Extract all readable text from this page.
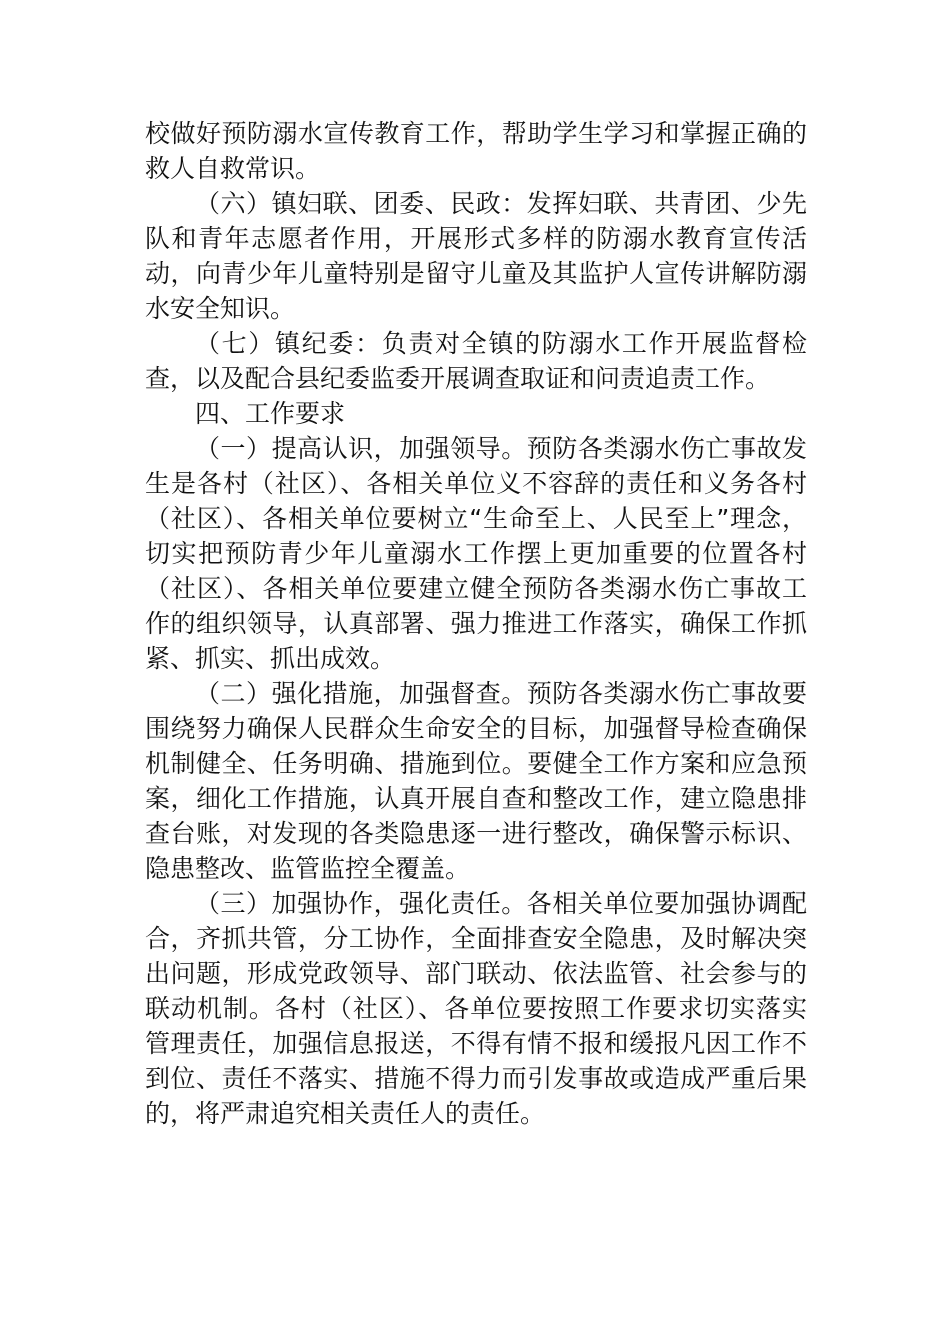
校做好预防溺水宣传教育工作，帮助学生学习和掌握正确的救人自救常识。

（六）镇妇联、团委、民政：发挥妇联、共青团、少先队和青年志愿者作用，开展形式多样的防溺水教育宣传活动，向青少年儿童特别是留守儿童及其监护人宣传讲解防溺水安全知识。

（七）镇纪委：负责对全镇的防溺水工作开展监督检查，以及配合县纪委监委开展调查取证和问责追责工作。

四、工作要求

（一）提高认识，加强领导。预防各类溺水伤亡事故发生是各村（社区）、各相关单位义不容辞的责任和义务各村（社区）、各相关单位要树立“生命至上、人民至上”理念，切实把预防青少年儿童溺水工作摆上更加重要的位置各村（社区）、各相关单位要建立健全预防各类溺水伤亡事故工作的组织领导，认真部署、强力推进工作落实，确保工作抓紧、抓实、抓出成效。

（二）强化措施，加强督查。预防各类溺水伤亡事故要围绕努力确保人民群众生命安全的目标，加强督导检查确保机制健全、任务明确、措施到位。要健全工作方案和应急预案，细化工作措施，认真开展自查和整改工作，建立隐患排查台账，对发现的各类隐患逐一进行整改，确保警示标识、隐患整改、监管监控全覆盖。

（三）加强协作，强化责任。各相关单位要加强协调配合，齐抓共管，分工协作，全面排查安全隐患，及时解决突出问题，形成党政领导、部门联动、依法监管、社会参与的联动机制。各村（社区）、各单位要按照工作要求切实落实管理责任，加强信息报送，不得有情不报和缓报凡因工作不到位、责任不落实、措施不得力而引发事故或造成严重后果的，将严肃追究相关责任人的责任。
